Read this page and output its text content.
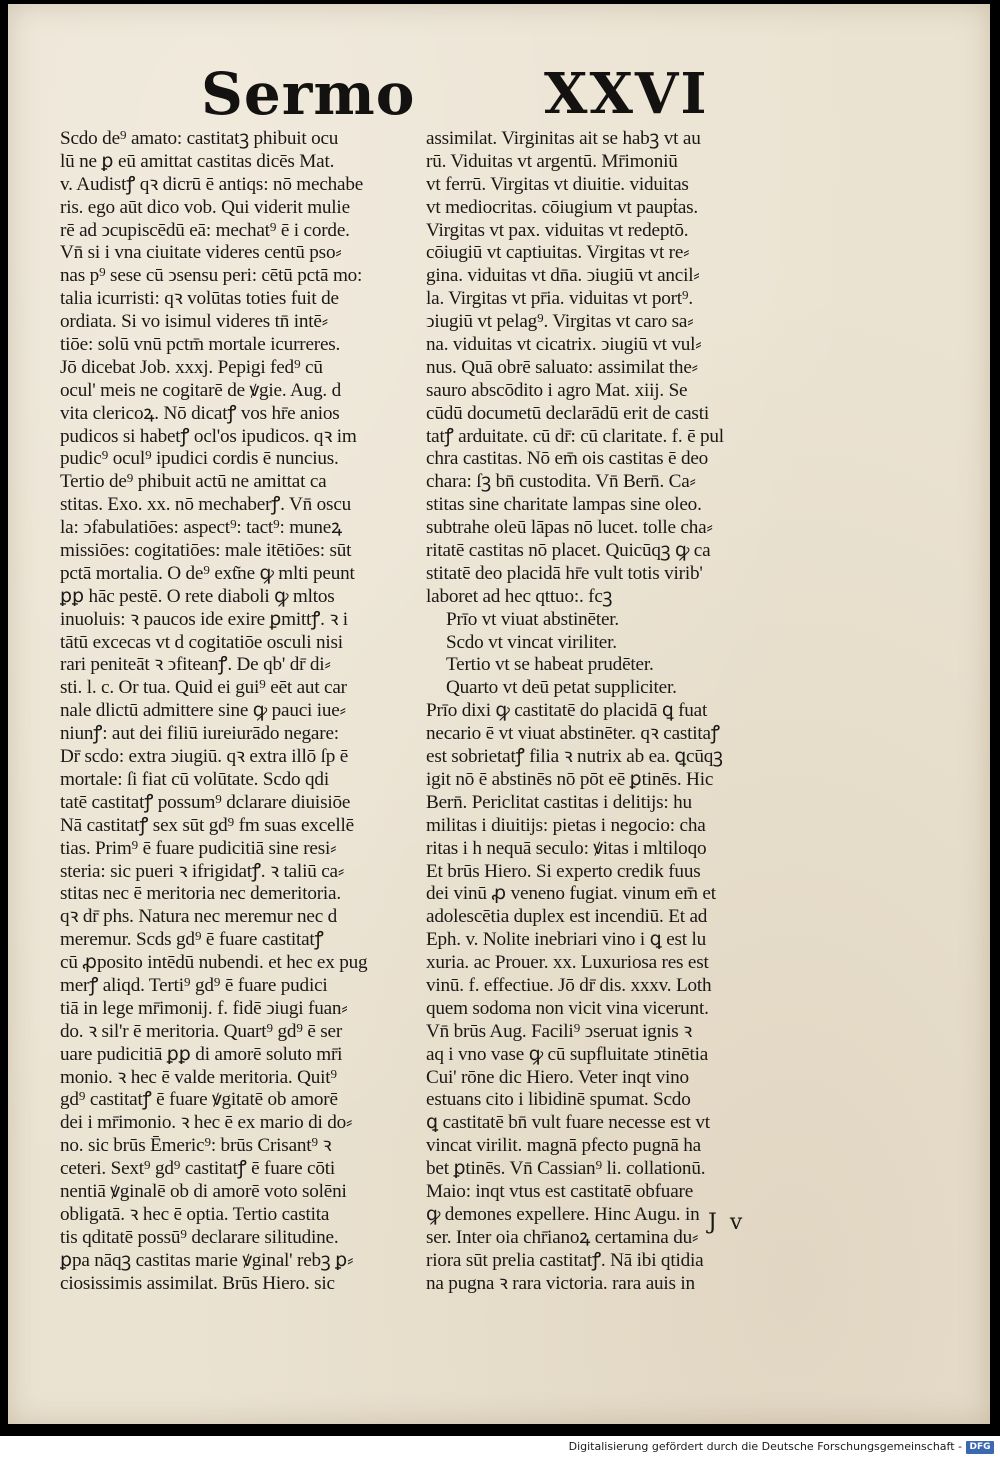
Sermo XXVI
Scdo de⁹ amato: castitatꝫ phibuit ocu
lū ne ꝑ eū amittat castitas dicēs Mat.
v. Audistꝭ qꝛ dicrū ē antiqs: nō mechabe
ris. ego aūt dico vob. Qui viderit mulie
rē ad ↄcupiscēdū eā: mechat⁹ ē i corde.
Vn̄ si i vna ciuitate videres centū pso⸗
nas p⁹ sese cū ↄsensu peri: cētū pctā mo:
talia icurristi: qꝛ volūtas toties fuit de
ordiata. Si vo isimul videres tn̄ intē⸗
tiōe: solū vnū pctm̄ mortale icurreres.
Jō dicebat Job. xxxj. Pepigi fed⁹ cū
ocul' meis ne cogitarē de ꝟgie. Aug. d
vita clericoꝝ. Nō dicatꝭ vos hr̄e anios
pudicos si habetꝭ ocl'os ipudicos. qꝛ im
pudic⁹ ocul⁹ ipudici cordis ē nuncius.
Tertio de⁹ phibuit actū ne amittat ca
stitas. Exo. xx. nō mechaberꝭ. Vn̄ oscu
la: ↄfabulatiōes: aspect⁹: tact⁹: muneꝝ
missiōes: cogitatiōes: male itētiōes: sūt
pctā mortalia. O de⁹ ext͂ne ꝙ mlti peunt
ꝑꝑ hāc pestē. O rete diaboli ꝙ mltos
inuoluis: ꝛ paucos ide exire ꝑmittꝭ. ꝛ i
tātū excecas vt d cogitatiōe osculi nisi
rari peniteāt ꝛ ↄfiteanꝭ. De qb' dr̄ di⸗
sti. l. c. Or tua. Quid ei gui⁹ eēt aut car
nale dlictū admittere sine ꝙ pauci iue⸗
niunꝭ: aut dei filiū iureiurādo negare:
Dr̄ scdo: extra ↄiugiū. qꝛ extra illō ſp ē
mortale: ſi fiat cū volūtate. Scdo qdi
tatē castitatꝭ possum⁹ dclarare diuisiōe
Nā castitatꝭ sex sūt gd⁹ fm suas excellē
tias. Prim⁹ ē fuare pudicitiā sine resi⸗
steria: sic pueri ꝛ ifrigidatꝭ. ꝛ taliū ca⸗
stitas nec ē meritoria nec demeritoria.
qꝛ dr̄ phs. Natura nec meremur nec d
meremur. Scds gd⁹ ē fuare castitatꝭ
cū ꝓposito intēdū nubendi. et hec ex pug
merꝭ aliqd. Terti⁹ gd⁹ ē fuare pudici
tiā in lege mr̄imonij. f. fidē ↄiugi fuan⸗
do. ꝛ sil'r ē meritoria. Quart⁹ gd⁹ ē ser
uare pudicitiā ꝑꝑ di amorē soluto mr̄i
monio. ꝛ hec ē valde meritoria. Quit⁹
gd⁹ castitatꝭ ē fuare ꝟgitatē ob amorē
dei i mr̄imonio. ꝛ hec ē ex mario di do⸗
no. sic brūs Ēmeric⁹: brūs Crisant⁹ ꝛ
ceteri. Sext⁹ gd⁹ castitatꝭ ē fuare cōti
nentiā ꝟginalē ob di amorē voto solēni
obligatā. ꝛ hec ē optia. Tertio castita
tis qditatē possū⁹ declarare silitudine.
ꝑpa nāqꝫ castitas marie ꝟginal' rebꝫ ꝑ⸗
ciosissimis assimilat. Brūs Hiero. sic
assimilat. Virginitas ait se habꝫ vt au
rū. Viduitas vt argentū. Mr̄imoniū
vt ferrū. Virgitas vt diuitie. viduitas
vt mediocritas. cōiugium vt paupṫas.
Virgitas vt pax. viduitas vt redeptō.
cōiugiū vt captiuitas. Virgitas vt re⸗
gina. viduitas vt dn̄a. ↄiugiū vt ancil⸗
la. Virgitas vt pr̄ia. viduitas vt port⁹.
ↄiugiū vt pelag⁹. Virgitas vt caro sa⸗
na. viduitas vt cicatrix. ↄiugiū vt vul⸗
nus. Quā obrē saluato: assimilat the⸗
sauro abscōdito i agro Mat. xiij. Se
cūdū documetū declarādū erit de casti
tatꝭ arduitate. cū dr̄: cū claritate. f. ē pul
chra castitas. Nō em̄ ois castitas ē deo
chara: ſꝫ bn̄ custodita. Vn̄ Bern̄. Ca⸗
stitas sine charitate lampas sine oleo.
subtrahe oleū lāpas nō lucet. tolle cha⸗
ritatē castitas nō placet. Quicūqꝫ ꝙ ca
stitatē deo placidā hr̄e vult totis virib'
laboret ad hec qttuo:. fcꝫ
Prīo vt viuat abstinēter.
Scdo vt vincat viriliter.
Tertio vt se habeat prudēter.
Quarto vt deū petat suppliciter.
Prīo dixi ꝙ castitatē do placidā ꝗ fuat
necario ē vt viuat abstinēter. qꝛ castitaꝭ
est sobrietatꝭ filia ꝛ nutrix ab ea. ꝗcūqꝫ
igit nō ē abstinēs nō pōt eē ꝑtinēs. Hic
Bern̄. Periclitat castitas i delitijs: hu
militas i diuitijs: pietas i negocio: cha
ritas i h nequā seculo: ꝟitas i mltiloqo
Et brūs Hiero. Si experto credik fuus
dei vinū ꝓ veneno fugiat. vinum em̄ et
adolescētia duplex est incendiū. Et ad
Eph. v. Nolite inebriari vino i ꝗ est lu
xuria. ac Prouer. xx. Luxuriosa res est
vinū. f. effectiue. Jō dr̄ dis. xxxv. Loth
quem sodoma non vicit vina vicerunt.
Vn̄ brūs Aug. Facili⁹ ↄseruat ignis ꝛ
aq i vno vase ꝙ cū supfluitate ↄtinētia
Cui' rōne dic Hiero. Veter inqt vino
estuans cito i libidinē spumat. Scdo
ꝗ castitatē bn̄ vult fuare necesse est vt
vincat virilit. magnā pfecto pugnā ha
bet ꝑtinēs. Vn̄ Cassian⁹ li. collationū.
Maio: inqt vtus est castitatē obfuare
ꝙ demones expellere. Hinc Augu. in
ser. Inter oia chr̄ianoꝝ certamina du⸗
riora sūt prelia castitatꝭ. Nā ibi qtidia
na pugna ꝛ rara victoria. rara auis in
J v
Digitalisierung gefördert durch die Deutsche Forschungsgemeinschaft - DFG
